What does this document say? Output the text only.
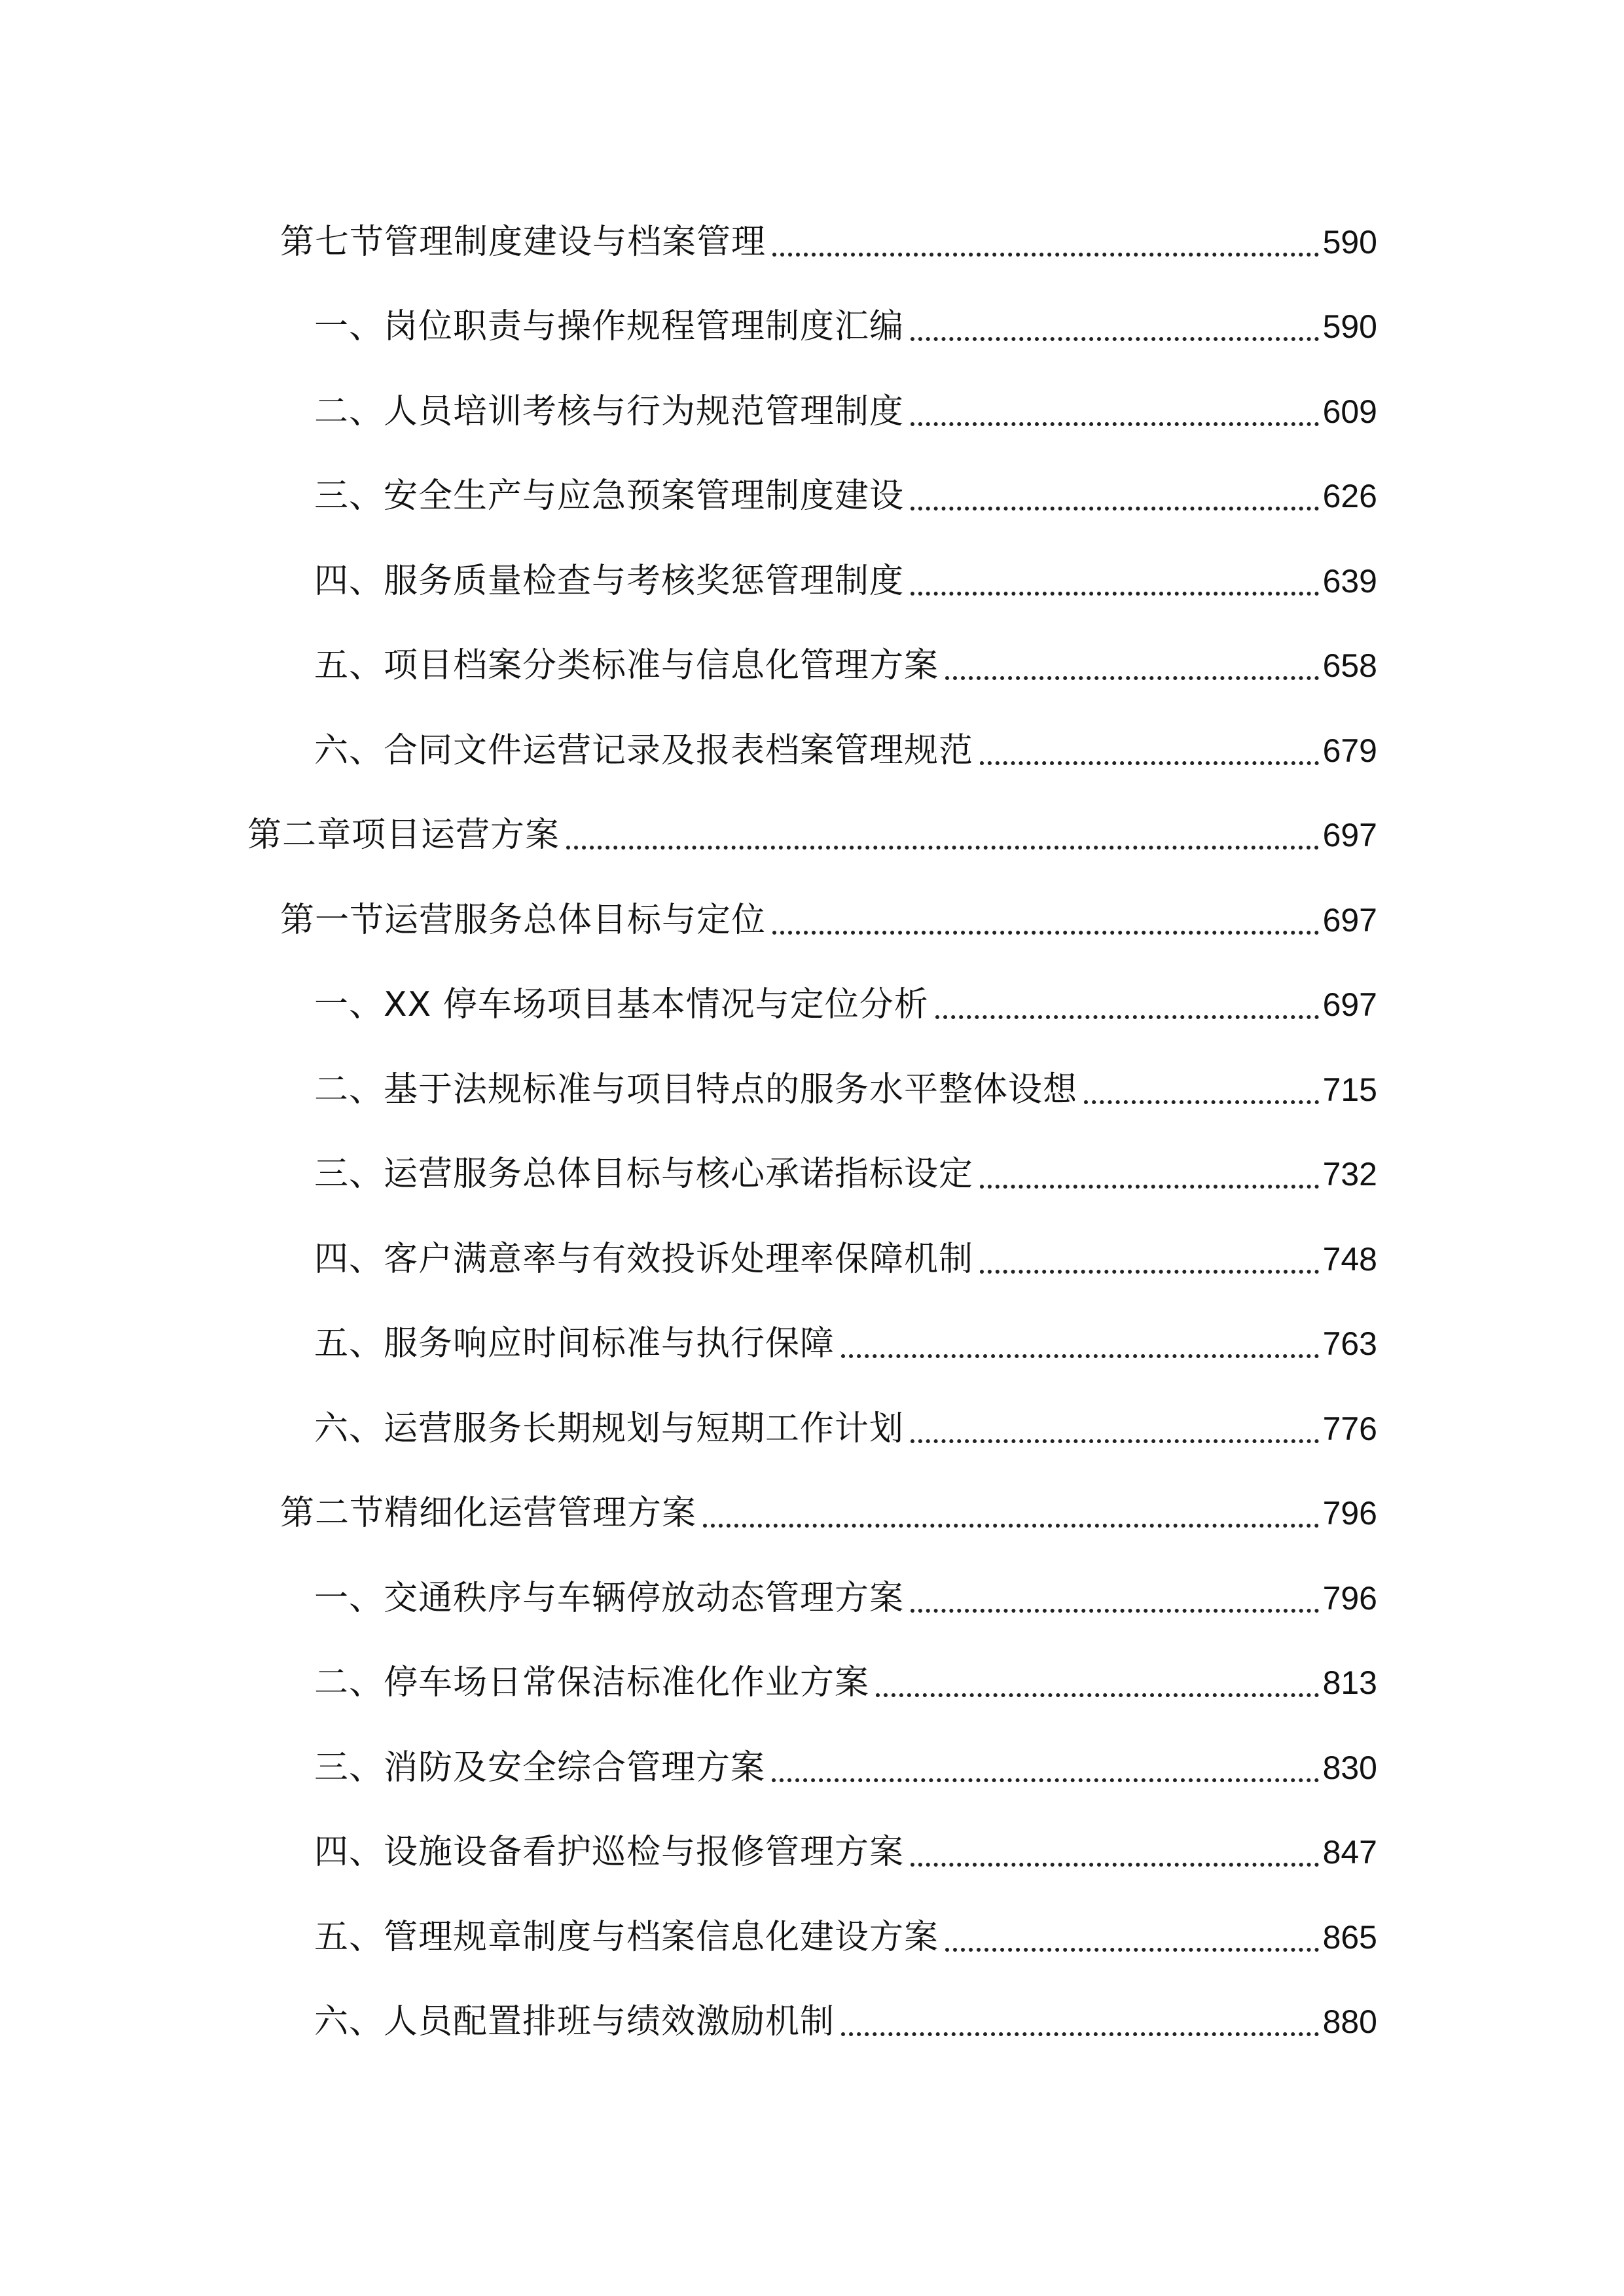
第七节管理制度建设与档案管理	590
一、岗位职责与操作规程管理制度汇编	590
二、人员培训考核与行为规范管理制度	609
三、安全生产与应急预案管理制度建设	626
四、服务质量检查与考核奖惩管理制度	639
五、项目档案分类标准与信息化管理方案	658
六、合同文件运营记录及报表档案管理规范	679
第二章项目运营方案	697
第一节运营服务总体目标与定位	697
一、XX 停车场项目基本情况与定位分析	697
二、基于法规标准与项目特点的服务水平整体设想	715
三、运营服务总体目标与核心承诺指标设定	732
四、客户满意率与有效投诉处理率保障机制	748
五、服务响应时间标准与执行保障	763
六、运营服务长期规划与短期工作计划	776
第二节精细化运营管理方案	796
一、交通秩序与车辆停放动态管理方案	796
二、停车场日常保洁标准化作业方案	813
三、消防及安全综合管理方案	830
四、设施设备看护巡检与报修管理方案	847
五、管理规章制度与档案信息化建设方案	865
六、人员配置排班与绩效激励机制	880
